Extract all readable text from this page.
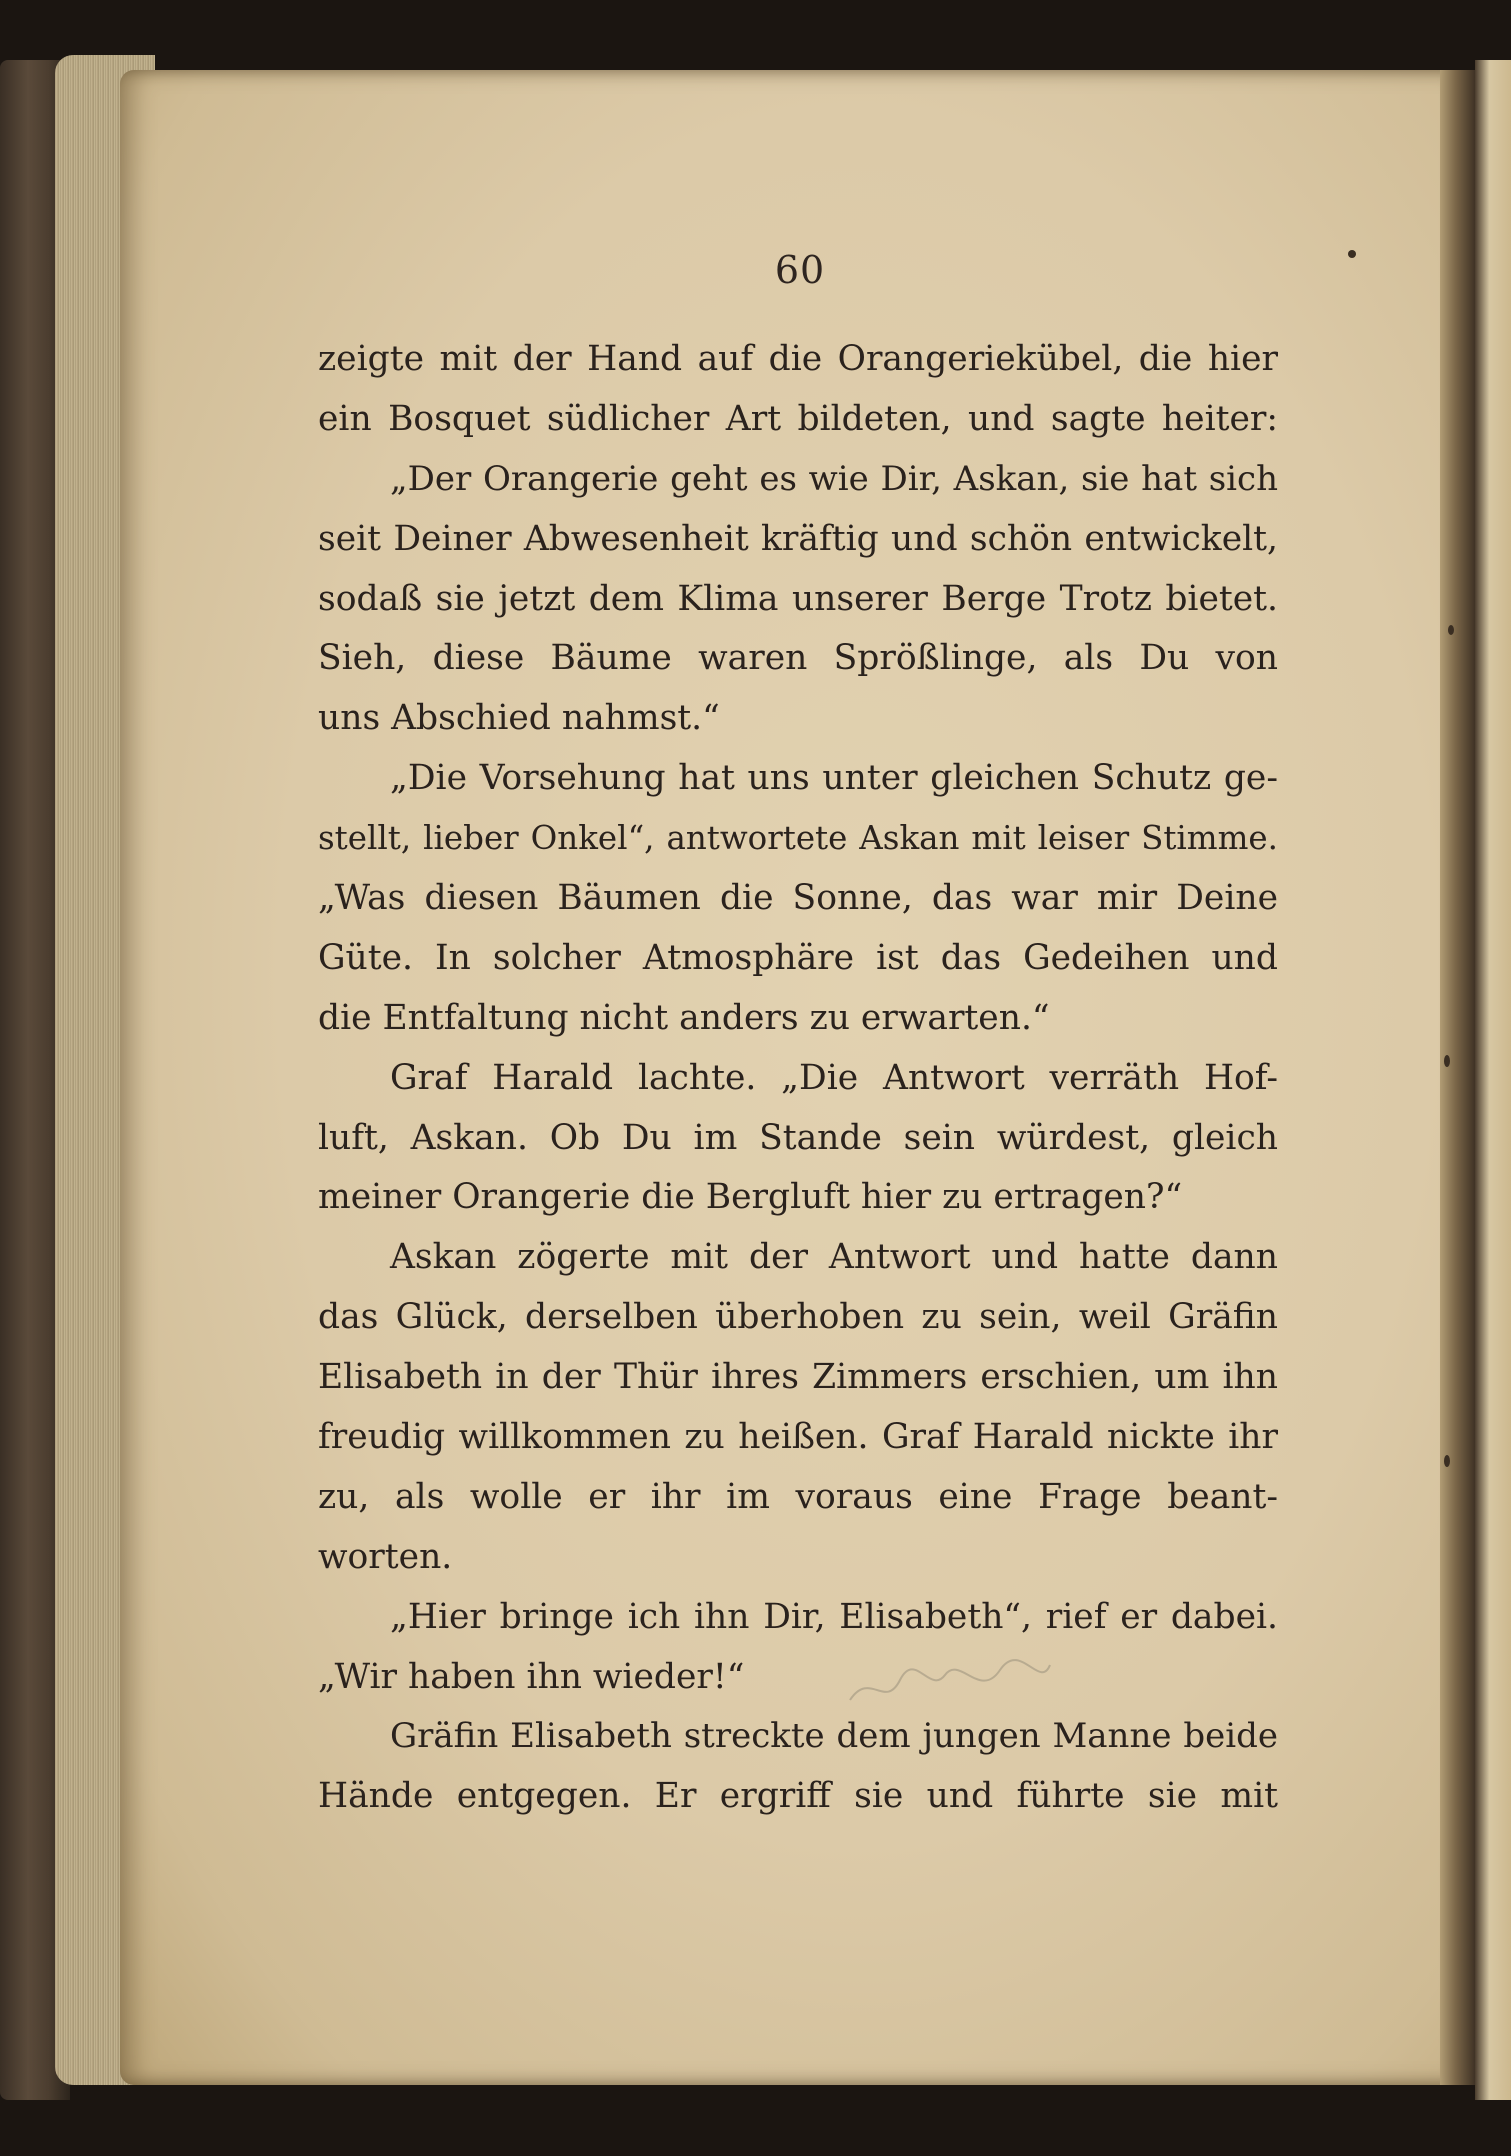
60
zeigte mit der Hand auf die Orangeriekübel, die hier
ein Bosquet südlicher Art bildeten, und sagte heiter:
„Der Orangerie geht es wie Dir, Askan, sie hat sich
seit Deiner Abwesenheit kräftig und schön entwickelt,
sodaß sie jetzt dem Klima unserer Berge Trotz bietet.
Sieh, diese Bäume waren Sprößlinge, als Du von
uns Abschied nahmst.“
„Die Vorsehung hat uns unter gleichen Schutz ge-
stellt, lieber Onkel“, antwortete Askan mit leiser Stimme.
„Was diesen Bäumen die Sonne, das war mir Deine
Güte. In solcher Atmosphäre ist das Gedeihen und
die Entfaltung nicht anders zu erwarten.“
Graf Harald lachte. „Die Antwort verräth Hof-
luft, Askan. Ob Du im Stande sein würdest, gleich
meiner Orangerie die Bergluft hier zu ertragen?“
Askan zögerte mit der Antwort und hatte dann
das Glück, derselben überhoben zu sein, weil Gräfin
Elisabeth in der Thür ihres Zimmers erschien, um ihn
freudig willkommen zu heißen. Graf Harald nickte ihr
zu, als wolle er ihr im voraus eine Frage beant-
worten.
„Hier bringe ich ihn Dir, Elisabeth“, rief er dabei.
„Wir haben ihn wieder!“
Gräfin Elisabeth streckte dem jungen Manne beide
Hände entgegen. Er ergriff sie und führte sie mit
